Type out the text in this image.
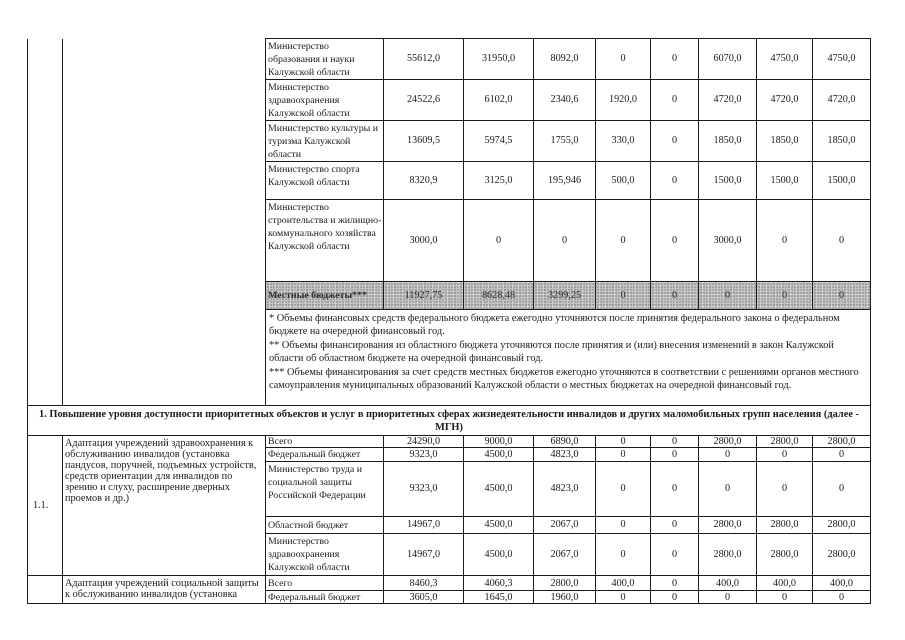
		Министерство образования и науки Калужской области	55612,0	31950,0	8092,0	0	0	6070,0	4750,0	4750,0
		Министерство здравоохранения Калужской области	24522,6	6102,0	2340,6	1920,0	0	4720,0	4720,0	4720,0
		Министерство культуры и туризма Калужской области	13609,5	5974,5	1755,0	330,0	0	1850,0	1850,0	1850,0
		Министерство спорта Калужской области	8320,9	3125,0	195,946	500,0	0	1500,0	1500,0	1500,0
		Министерство строительства и жилищно-коммунального хозяйства Калужской области	3000,0	0	0	0	0	3000,0	0	0
		Местные бюджеты***	11927,75	8628,48	3299,25	0	0	0	0	0

		* Объемы финансовых средств федерального бюджета ежегодно уточняются после принятия федерального закона о федеральном бюджете на очередной финансовый год.

** Объемы финансирования из областного бюджета уточняются после принятия и (или) внесения изменений в закон Калужской области об областном бюджете на очередной финансовый год.

*** Объемы финансирования за счет средств местных бюджетов ежегодно уточняются в соответствии с решениями органов местного самоуправления муниципальных образований Калужской области о местных бюджетах на очередной финансовый год.								

1. Повышение уровня доступности приоритетных объектов и услуг в приоритетных сферах жизнедеятельности инвалидов и других маломобильных групп населения (далее - МГН)										
1.1.	Адаптация учреждений здравоохранения к обслуживанию инвалидов (установка пандусов, поручней, подъемных устройств, средств ориентации для инвалидов по зрению и слуху, расширение дверных проемов и др.)	Всего	24290,0	9000,0	6890,0	0	0	2800,0	2800,0	2800,0
		Федеральный бюджет	9323,0	4500,0	4823,0	0	0	0	0	0
		Министерство труда и социальной защиты Российской Федерации	9323,0	4500,0	4823,0	0	0	0	0	0
		Областной бюджет	14967,0	4500,0	2067,0	0	0	2800,0	2800,0	2800,0
		Министерство здравоохранения Калужской области	14967,0	4500,0	2067,0	0	0	2800,0	2800,0	2800,0
	Адаптация учреждений социальной защиты к обслуживанию инвалидов (установка	Всего	8460,3	4060,3	2800,0	400,0	0	400,0	400,0	400,0
		Федеральный бюджет	3605,0	1645,0	1960,0	0	0	0	0	0
